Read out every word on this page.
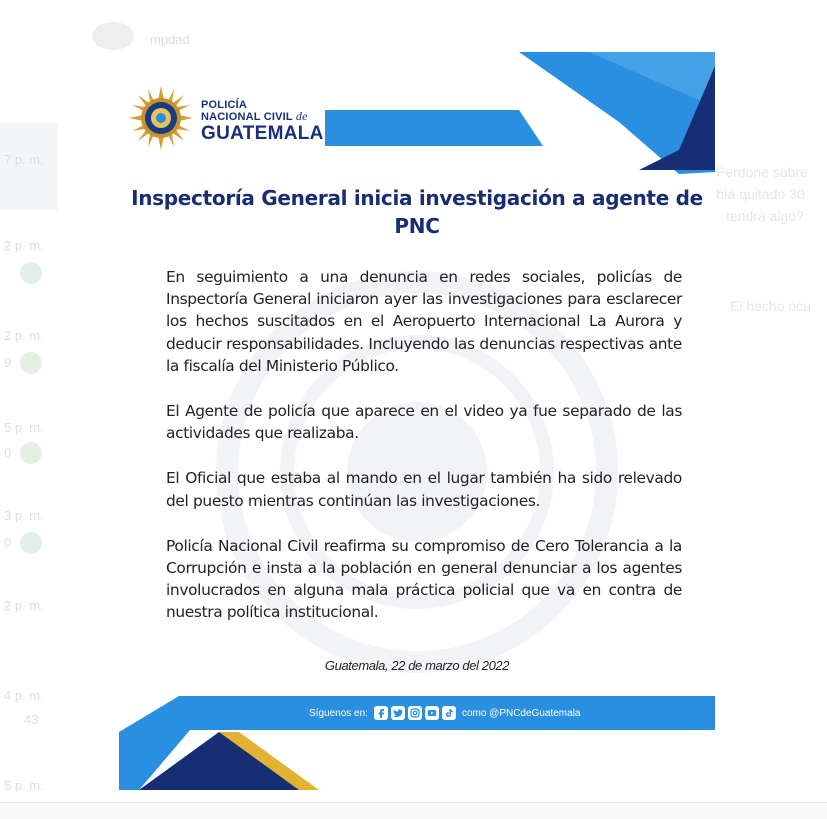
mpdad
7 p. m.
2 p. m.
2 p. m.
5 p. m.
3 p. m.
2 p. m.
4 p. m.
5 p. m.
9
0
0
43
Perdone sobre
bía quitado 30
tendra algo?
El hecho ocu
POLICÍA
NACIONAL CIVIL de
GUATEMALA
Inspectoría General inicia investigación a agente de PNC

En seguimiento a una denuncia en redes sociales, policías de Inspectoría General iniciaron ayer las investigaciones para esclarecer los hechos suscitados en el Aeropuerto Internacional La Aurora y deducir responsabilidades. Incluyendo las denuncias respectivas ante la fiscalía del Ministerio Público.

El Agente de policía que aparece en el video ya fue separado de las actividades que realizaba.

El Oficial que estaba al mando en el lugar también ha sido relevado del puesto mientras continúan las investigaciones.

Policía Nacional Civil reafirma su compromiso de Cero Tolerancia a la Corrupción e insta a la población en general denunciar a los agentes involucrados en alguna mala práctica policial que va en contra de nuestra política institucional.

Guatemala, 22 de marzo del 2022
Síguenos en:	como @PNCdeGuatemala
